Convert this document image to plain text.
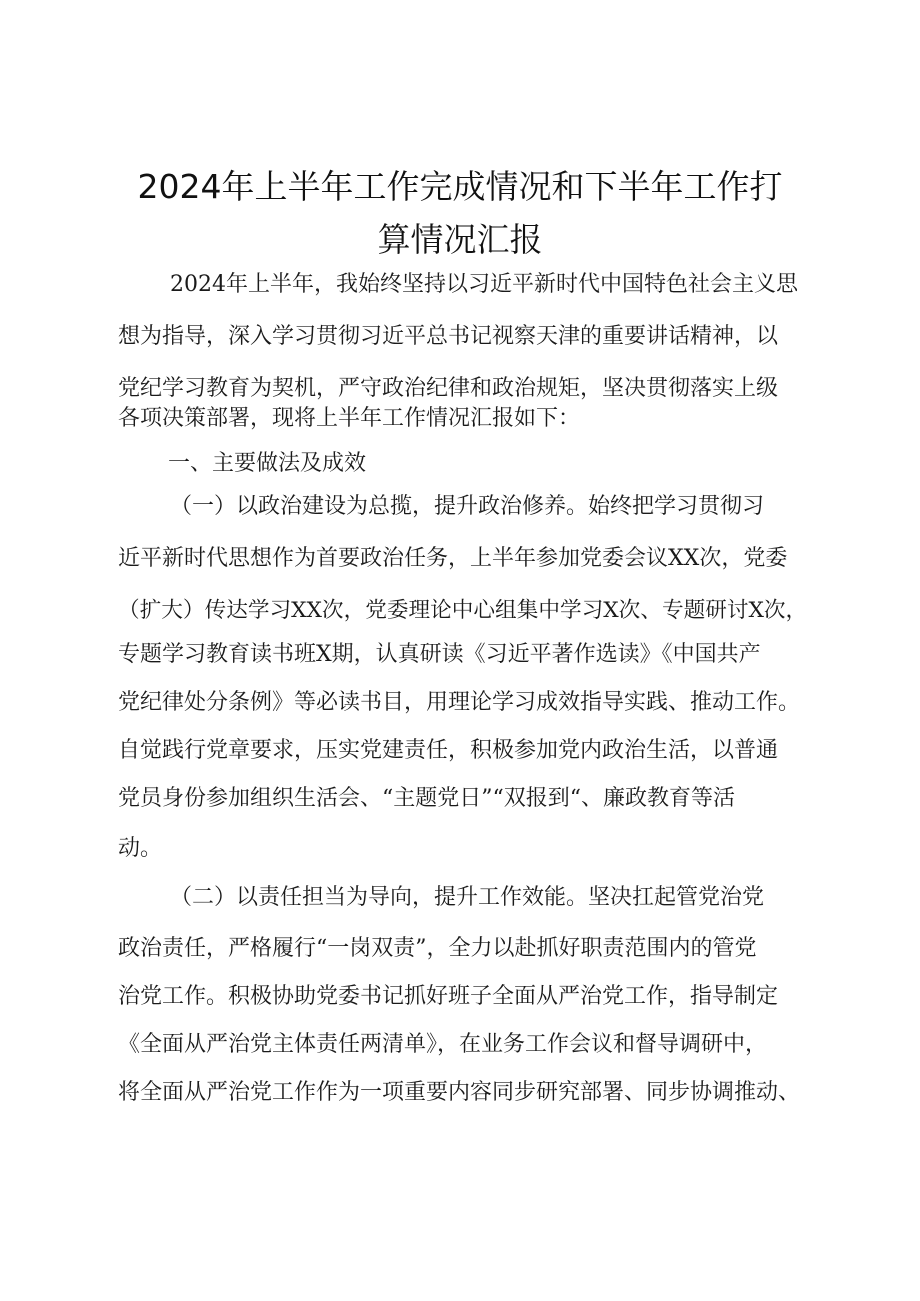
2024年上半年工作完成情况和下半年工作打
算情况汇报

2024年上半年，我始终坚持以习近平新时代中国特色社会主义思

想为指导，深入学习贯彻习近平总书记视察天津的重要讲话精神，以

党纪学习教育为契机，严守政治纪律和政治规矩，坚决贯彻落实上级

各项决策部署，现将上半年工作情况汇报如下：

一、主要做法及成效

（一）以政治建设为总揽，提升政治修养。始终把学习贯彻习

近平新时代思想作为首要政治任务，上半年参加党委会议XX次，党委

（扩大）传达学习XX次，党委理论中心组集中学习X次、专题研讨X次，

专题学习教育读书班X期，认真研读《习近平著作选读》《中国共产

党纪律处分条例》等必读书目，用理论学习成效指导实践、推动工作。

自觉践行党章要求，压实党建责任，积极参加党内政治生活，以普通

党员身份参加组织生活会、“主题党日”“双报到“、廉政教育等活

动。

（二）以责任担当为导向，提升工作效能。坚决扛起管党治党

政治责任，严格履行“一岗双责”，全力以赴抓好职责范围内的管党

治党工作。积极协助党委书记抓好班子全面从严治党工作，指导制定

《全面从严治党主体责任两清单》，在业务工作会议和督导调研中，

将全面从严治党工作作为一项重要内容同步研究部署、同步协调推动、
